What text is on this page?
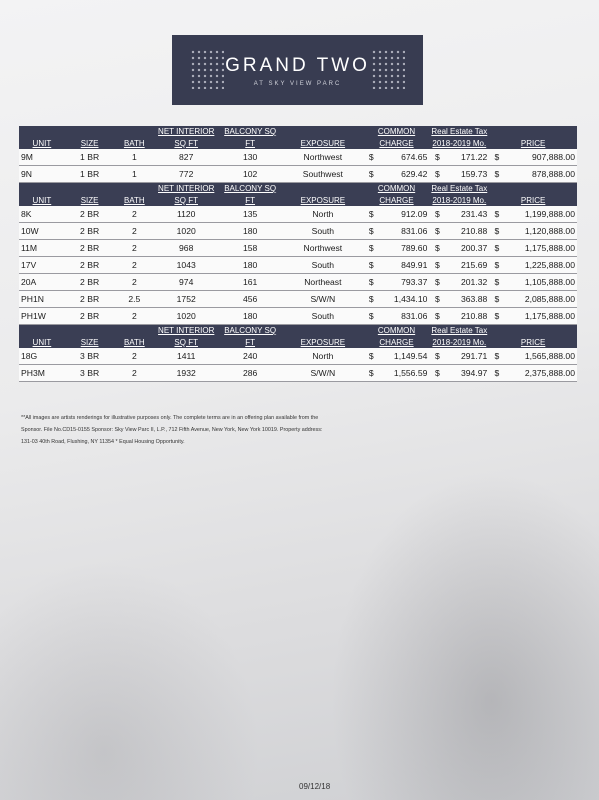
GRAND TWO
AT SKY VIEW PARC
			NET INTERIOR	BALCONY SQ		COMMON		Real Estate Tax			
UNIT	SIZE	BATH	SQ FT	FT	EXPOSURE	CHARGE		2018-2019 Mo.		PRICE	
9M	1 BR	1	827	130	Northwest	$	674.65	$	171.22	$	907,888.00
9N	1 BR	1	772	102	Southwest	$	629.42	$	159.73	$	878,888.00
			NET INTERIOR	BALCONY SQ		COMMON		Real Estate Tax			
UNIT	SIZE	BATH	SQ FT	FT	EXPOSURE	CHARGE		2018-2019 Mo.		PRICE	
8K	2 BR	2	1120	135	North	$	912.09	$	231.43	$	1,199,888.00
10W	2 BR	2	1020	180	South	$	831.06	$	210.88	$	1,120,888.00
11M	2 BR	2	968	158	Northwest	$	789.60	$	200.37	$	1,175,888.00
17V	2 BR	2	1043	180	South	$	849.91	$	215.69	$	1,225,888.00
20A	2 BR	2	974	161	Northeast	$	793.37	$	201.32	$	1,105,888.00
PH1N	2 BR	2.5	1752	456	S/W/N	$	1,434.10	$	363.88	$	2,085,888.00
PH1W	2 BR	2	1020	180	South	$	831.06	$	210.88	$	1,175,888.00
			NET INTERIOR	BALCONY SQ		COMMON		Real Estate Tax			
UNIT	SIZE	BATH	SQ FT	FT	EXPOSURE	CHARGE		2018-2019 Mo.		PRICE	
18G	3 BR	2	1411	240	North	$	1,149.54	$	291.71	$	1,565,888.00
PH3M	3 BR	2	1932	286	S/W/N	$	1,556.59	$	394.97	$	2,375,888.00
**All images are artists renderings for illustrative purposes only. The complete terms are in an offering plan available from the
Sponsor. File No.CD15-0155 Sponsor: Sky View Parc II, L.P., 712 Fifth Avenue, New York, New York 10019. Property address:
131-03 40th Road, Flushing, NY 11354 * Equal Housing Opportunity.
09/12/18
